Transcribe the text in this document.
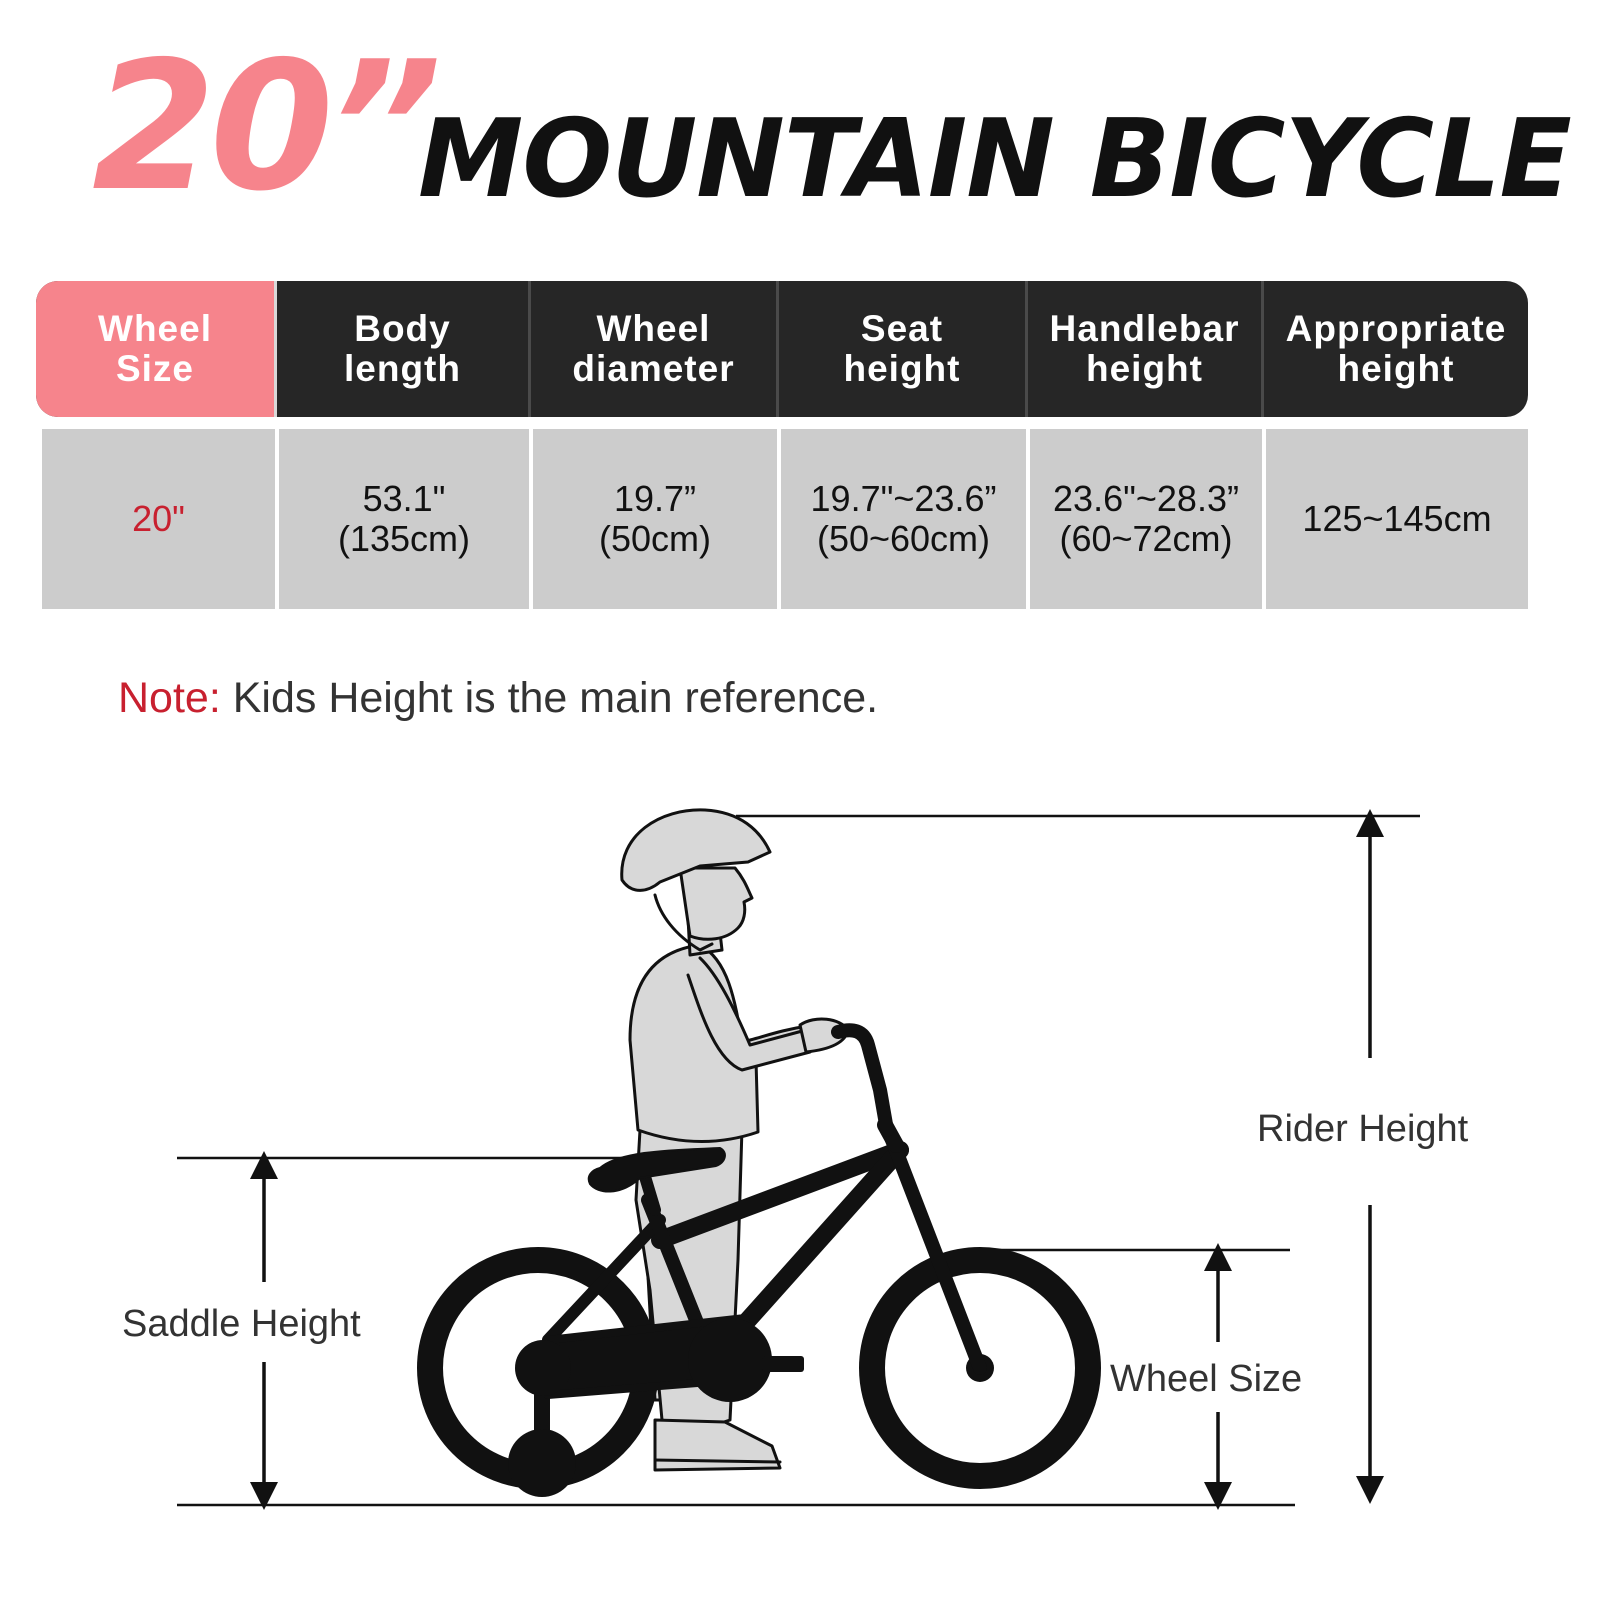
20”
MOUNTAIN BICYCLE
Wheel
Size
Body
length
Wheel
diameter
Seat
height
Handlebar
height
Appropriate
height
20"	53.1"
(135cm)
19.7”
(50cm)
19.7"~23.6”
(50~60cm)
23.6"~28.3”
(60~72cm) 125~145cm
Note: Kids Height is the main reference.
Rider Height
Saddle Height
Wheel Size
